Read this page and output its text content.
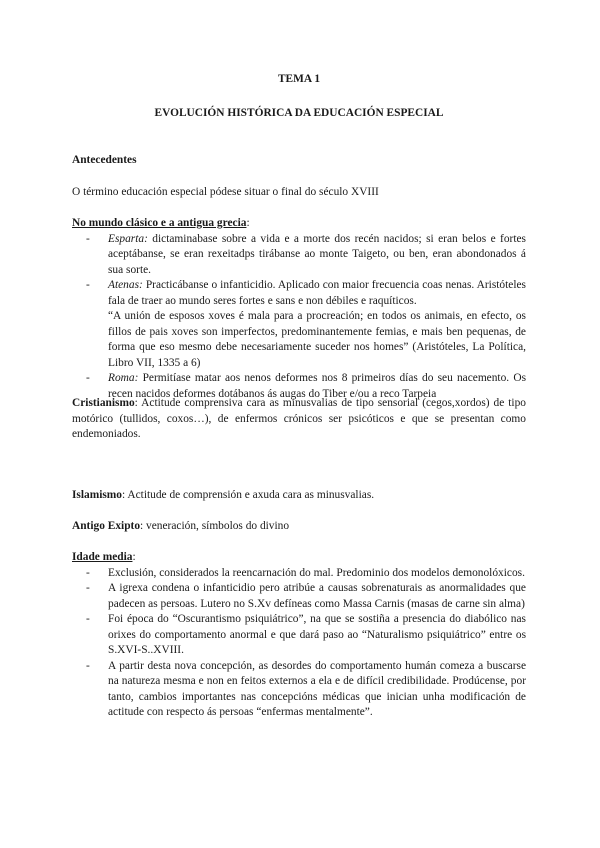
TEMA 1
EVOLUCIÓN HISTÓRICA DA EDUCACIÓN ESPECIAL
Antecedentes
O término educación especial pódese situar o final do século XVIII
No mundo clásico e a antigua grecia:
- Esparta: dictaminabase sobre a vida e a morte dos recén nacidos; si eran belos e fortes aceptábanse, se eran rexeitadps tirábanse ao monte Taigeto, ou ben, eran abondonados á sua sorte.
- Atenas: Practicábanse o infanticidio. Aplicado con maior frecuencia coas nenas. Aristóteles fala de traer ao mundo seres fortes e sans e non débiles e raquíticos.
“A unión de esposos xoves é mala para a procreación; en todos os animais, en efecto, os fillos de pais xoves son imperfectos, predominantemente femias, e mais ben pequenas, de forma que eso mesmo debe necesariamente suceder nos homes” (Aristóteles, La Política, Libro VII, 1335 a 6)
- Roma: Permitíase matar aos nenos deformes nos 8 primeiros días do seu nacemento. Os recen nacidos deformes dotábanos ás augas do Tiber e/ou a reco Tarpeia
Cristianismo: Actitude comprensiva cara as minusvalias de tipo sensorial (cegos,xordos) de tipo motórico (tullidos, coxos…), de enfermos crónicos ser psicóticos e que se presentan como endemoniados.
Islamismo: Actitude de comprensión e axuda cara as minusvalias.
Antigo Exipto: veneración, símbolos do divino
Idade media:
- Exclusión, considerados la reencarnación do mal. Predominio dos modelos demonolóxicos.
- A igrexa condena o infanticidio pero atribúe a causas sobrenaturais as anormalidades que padecen as persoas. Lutero no S.Xv defíneas como Massa Carnis (masas de carne sin alma)
- Foi época do “Oscurantismo psiquiátrico”, na que se sostiña a presencia do diabólico nas orixes do comportamento anormal e que dará paso ao “Naturalismo psiquiátrico” entre os S.XVI-S..XVIII.
- A partir desta nova concepción, as desordes do comportamento humán comeza a buscarse na natureza mesma e non en feitos externos a ela e de difícil credibilidade. Prodúcense, por tanto, cambios importantes nas concepcións médicas que inician unha modificación de actitude con respecto ás persoas “enfermas mentalmente”.
